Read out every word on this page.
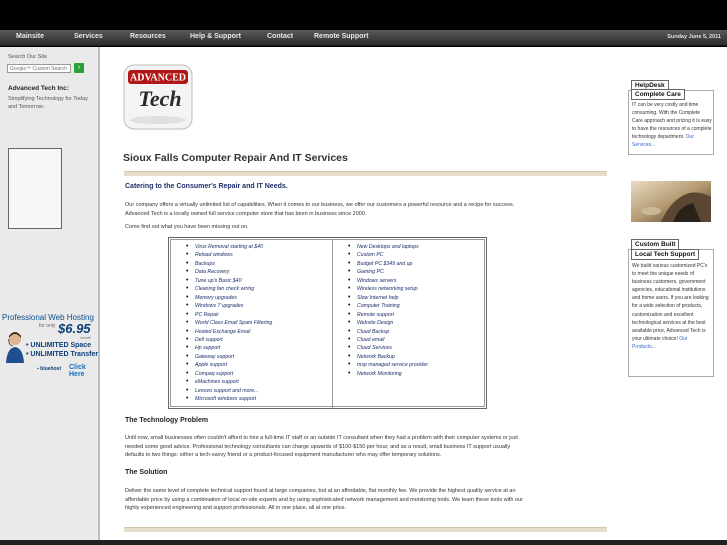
Mainsite	Services	Resources	Help & Support	Contact	Remote Support	Sunday June 5, 2011
Search Our Site
Google™ Custom Search
›
Advanced Tech Inc:
Simplifying Technology for Today and Tomorrow.
Professional Web Hosting
for only $6.95
/month
• UNLIMITED Space
• UNLIMITED Transfer
▪ bluehost Click Here
ADVANCED
Tech
Sioux Falls Computer Repair And IT Services
Catering to the Consumer's Repair and IT Needs.

Our company offers a virtually unlimited list of capabilities. When it comes to our business, we offer our customers a powerful resource and a recipe for success. Advanced Tech is a locally owned full service computer store that has been in business since 2000.

Come find out what you have been missing out on.

• Virus Removal starting at $40
• Reload windows
• Backups
• Data Recovery
• Tune up's Basic $40
• Cleaning fan check wiring
• Memory upgrades
• Windows 7 upgrades
• PC Repair
• World Class Email Spam Filtering
• Hosted Exchange Email
• Dell support
• Hp support
• Gateway support
• Apple support
• Compaq support
• eMachines support
• Lenovo support and more...
• Microsoft windows support
• New Desktops and laptops
• Custom PC
• Budget PC $349 and up
• Gaming PC
• Windows servers
• Wireless networking setup
• Slow Internet help
• Computer Training
• Remote support
• Website Design
• Cloud Backup
• Cloud email
• Cloud Services
• Network Backup
• msp managed service provider
• Network Monitoring
The Technology Problem

Until now, small businesses often couldn't afford to hire a full-time IT staff or an outside IT consultant when they had a problem with their computer systems or just needed some good advice. Professional technology consultants can charge upwards of $100-$150 per hour, and as a result, small business IT support usually defaults to two things: either a tech-savvy friend or a product-focused equipment manufacturer who may offer temporary solutions.

The Solution

Deliver the same level of complete technical support found at large companies, but at an affordable, flat monthly fee. We provide the highest quality service at an affordable price by using a combination of local on-site experts and by using sophisticated network management and monitoring tools. We team these tools with our highly experienced engineering and support professionals. All in one place, all at one price.

HelpDesk
Complete Care
IT can be very costly and time consuming. With the Complete Care approach and pricing it is easy to have the resources of a complete technology department. Our Services...
Custom Built
Local Tech Support
We build various customized PC's to meet the unique needs of business customers, government agencies, educational institutions and home users. If you are looking for a wide selection of products, customization and excellent technological services at the best available price, Advanced Tech is your ultimate choice! Our Products...
